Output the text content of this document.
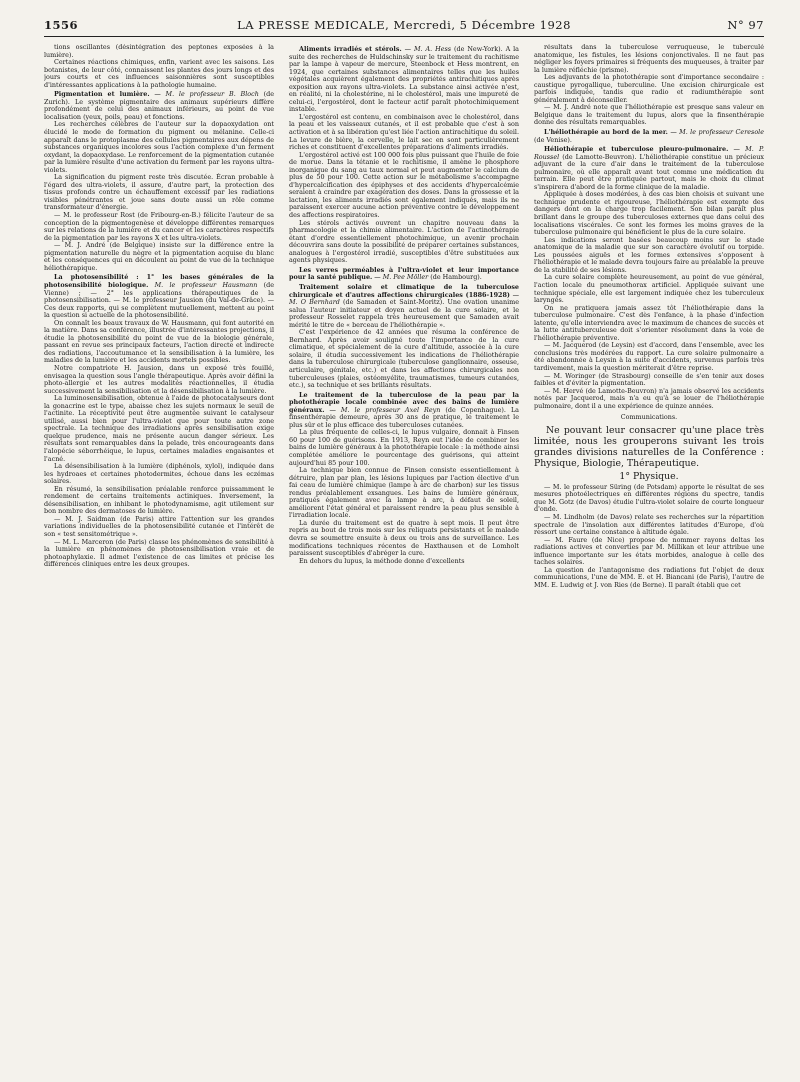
1556	LA PRESSE MEDICALE, Mercredi, 5 Décembre 1928	N° 97

tions oscillantes (désintégration des peptones exposées à la lumière).

Certaines réactions chimiques, enfin, varient avec les saisons. Les botanistes, de leur côté, connaissent les plantes des jours longs et des jours courts et ces influences saisonnières sont susceptibles d'intéressantes applications à la pathologie humaine.

Pigmentation et lumière. — M. le professeur B. Bloch (de Zurich). Le système pigmentaire des animaux supérieurs diffère profondément de celui des animaux inférieurs, au point de vue localisation (yeux, poils, peau) et fonctions.

Les recherches célèbres de l'auteur sur la dopaoxydation ont élucidé le mode de formation du pigment ou mélanine. Celle-ci apparaît dans le protoplasme des cellules pigmentaires aux dépens de substances organiques incolores sous l'action complexe d'un ferment oxydant, la dopaoxydase. Le renforcement de la pigmentation cutanée par la lumière résulte d'une activation du ferment par les rayons ultra-violets.

La signification du pigment reste très discutée. Écran probable à l'égard des ultra-violets, il assure, d'autre part, la protection des tissus profonds contre un échauffement excessif par les radiations visibles pénétrantes et joue sans doute aussi un rôle comme transformateur d'énergie.

— M. le professeur Rost (de Fribourg-en-B.) félicite l'auteur de sa conception de la pigmentogenèse et développe différentes remarques sur les relations de la lumière et du cancer et les caractères respectifs de la pigmentation par les rayons X et les ultra-violets.

— M. J. André (de Belgique) insiste sur la différence entre la pigmentation naturelle du nègre et la pigmentation acquise du blanc et les conséquences qui en découlent au point de vue de la technique héliothérapique.

La photosensibilité : 1° les bases générales de la photosensibilité biologique. M. le professeur Hausmann (de Vienne) ; — 2° les applications thérapeutiques de la photosensibilisation. — M. le professeur Jausion (du Val-de-Grâce). — Ces deux rapports, qui se complètent mutuellement, mettent au point la question si actuelle de la photosensibilité.

On connaît les beaux travaux de W. Hausmann, qui font autorité en la matière. Dans sa conférence, illustrée d'intéressantes projections, il étudie la photosensibilité du point de vue de la biologie générale, passant en revue ses principaux facteurs, l'action directe et indirecte des radiations, l'accoutumance et la sensibilisation à la lumière, les maladies de la lumière et les accidents mortels possibles.

Notre compatriote H. Jausion, dans un exposé très fouillé, envisagea la question sous l'angle thérapeutique. Après avoir défini la photo-allergie et les autres modalités réactionnelles, il étudia successivement la sensibilisation et la désensibilisation à la lumière.

La luminosensibilisation, obtenue à l'aide de photocatalyseurs dont la gonacrine est le type, abaisse chez les sujets normaux le seuil de l'actinite. La réceptivité peut être augmentée suivant le catalyseur utilisé, aussi bien pour l'ultra-violet que pour toute autre zone spectrale. La technique des irradiations après sensibilisation exige quelque prudence, mais ne présente aucun danger sérieux. Les résultats sont remarquables dans la pelade, très encourageants dans l'alopécie séborrhéique, le lupus, certaines maladies engaisantes et l'acné.

La désensibilisation à la lumière (diphénols, xylol), indiquée dans les hydroaes et certaines photodermites, échoue dans les eczémas solaires.

En résumé, la sensibilisation préalable renforce puissamment le rendement de certains traitements actiniques. Inversement, la désensibilisation, en inhibant le photodynamisme, agit utilement sur bon nombre des dermatoses de lumière.

— M. J. Saidman (de Paris) attire l'attention sur les grandes variations individuelles de la photosensibilité cutanée et l'intérêt de son « test sensitométrique ».

— M. L. Marceron (de Paris) classe les phénomènes de sensibilité à la lumière en phénomènes de photosensibilisation vraie et de photoaphylaxie. Il admet l'existence de cas limites et précise les différences cliniques entre les deux groupes.

Aliments irradiés et stérols. — M. A. Hess (de New-York). A la suite des recherches de Huldschinsky sur le traitement du rachitisme par la lampe à vapeur de mercure, Steenbock et Hess montrent, en 1924, que certaines substances alimentaires telles que les huiles végétales acquièrent également des propriétés antirachitiques après exposition aux rayons ultra-violets. La substance ainsi activée n'est, en réalité, ni la cholestérine, ni le cholestérol, mais une impureté de celui-ci, l'ergostérol, dont le facteur actif paraît photochimiquement instable.

L'ergostérol est contenu, en combinaison avec le cholestérol, dans la peau et les vaisseaux cutanés, et il est probable que c'est à son activation et à sa libération qu'est liée l'action antirachitique du soleil. La levure de bière, la cervelle, le lait sec en sont particulièrement riches et constituent d'excellentes préparations d'aliments irradiés.

L'ergostérol activé est 100 000 fois plus puissant que l'huile de foie de morue. Dans la tétanie et le rachitisme, il amène le phosphore inorganique du sang au taux normal et peut augmenter le calcium de plus de 50 pour 100. Cette action sur le métabolisme s'accompagne d'hypercalcification des épiphyses et des accidents d'hypercalcémie seraient à craindre par exagération des doses. Dans la grossesse et la lactation, les aliments irradiés sont également indiqués, mais ils ne paraissent exercer aucune action préventive contre le développement des affections respiratoires.

Les stérols activés ouvrent un chapitre nouveau dans la pharmacologie et la chimie alimentaire. L'action de l'actinothérapie étant d'ordre essentiellement photochimique, un avenir prochain découvrira sans doute la possibilité de préparer certaines substances, analogues à l'ergostérol irradié, susceptibles d'être substituées aux agents physiques.

Les verres perméables à l'ultra-violet et leur importance pour la santé publique. — M. Pee Möller (de Hambourg).

Traitement solaire et climatique de la tuberculose chirurgicale et d'autres affections chirurgicales (1886-1928) — M. O Bernhard (de Samaden et Saint-Moritz). Une ovation unanime salua l'auteur initiateur et doyen actuel de la cure solaire, et le professeur Rosselet rappela très heureusement que Samaden avait mérité le titre de « berceau de l'héliothérapie ».

C'est l'expérience de 42 années que résuma la conférence de Bernhard. Après avoir souligné toute l'importance de la cure climatique, et spécialement de la cure d'altitude, associée à la cure solaire, il étudia successivement les indications de l'héliothérapie dans la tuberculose chirurgicale (tuberculose ganglionnaire, osseuse, articulaire, génitale, etc.) et dans les affections chirurgicales non tuberculeuses (plaies, ostéomyélite, traumatismes, tumeurs cutanées, etc.), sa technique et ses brillants résultats.

Le traitement de la tuberculose de la peau par la photothérapie locale combinée avec des bains de lumière généraux. — M. le professeur Axel Reyn (de Copenhague). La finsenthérapie demeure, après 30 ans de pratique, le traitement le plus sûr et le plus efficace des tuberculoses cutanées.

La plus fréquente de celles-ci, le lupus vulgaire, donnait à Finsen 60 pour 100 de guérisons. En 1913, Reyn eut l'idée de combiner les bains de lumière généraux à la photothérapie locale : la méthode ainsi complétée améliore le pourcentage des guérisons, qui atteint aujourd'hui 85 pour 100.

La technique bien connue de Finsen consiste essentiellement à détruire, plan par plan, les lésions lupiques par l'action élective d'un fai ceau de lumière chimique (lampe à arc de charbon) sur les tissus rendus préalablement exsangues. Les bains de lumière généraux, pratiqués également avec la lampe à arc, à défaut de soleil, améliorent l'état général et paraissent rendre la peau plus sensible à l'irradiation locale.

La durée du traitement est de quatre à sept mois. Il peut être repris au bout de trois mois sur les reliquats persistants et le malade devra se soumettre ensuite à deux ou trois ans de surveillance. Les modifications techniques récentes de Haxthausen et de Lomholt paraissent susceptibles d'abréger la cure.

En dehors du lupus, la méthode donne d'excellents

résultats dans la tuberculose verruqueuse, le tuberculé anatomique, les fistules, les lésions conjonctivales. Il ne faut pas négliger les foyers primaires si fréquents des muqueuses, à traiter par la lumière réfléchie (prisme).

Les adjuvants de la photothérapie sont d'importance secondaire : caustique pyrogallique, tuberculine. Une excision chirurgicale est parfois indiquée, tandis que radio et radiumthérapie sont généralement à déconseiller.

— M. J. André note que l'héliothérapie est presque sans valeur en Belgique dans le traitement du lupus, alors que la finsenthérapie donne des résultats remarquables.

L'héliothérapie au bord de la mer. — M. le professeur Ceresole (de Venise).

Héliothérapie et tuberculose pleuro-pulmonaire. — M. P. Roussel (de Lamotte-Beuvron). L'héliothérapie constitue un précieux adjuvant de la cure d'air dans le traitement de la tuberculose pulmonaire, où elle apparaît avant tout comme une médication du terrain. Elle peut être pratiquée partout, mais le choix du climat s'inspirera d'abord de la forme clinique de la maladie.

Appliquée à doses modérées, à des cas bien choisis et suivant une technique prudente et rigoureuse, l'héliothérapie est exempte des dangers dont on la charge trop facilement. Son bilan paraît plus brillant dans le groupe des tuberculoses externes que dans celui des localisations viscérales. Ce sont les formes les moins graves de la tuberculose pulmonaire qui bénéficient le plus de la cure solaire.

Les indications seront basées beaucoup moins sur le stade anatomique de la maladie que sur son caractère évolutif ou torpide. Les poussées aiguës et les formes extensives s'opposent à l'héliothérapie et le malade devra toujours faire au préalable la preuve de la stabilité de ses lésions.

La cure solaire complète heureusement, au point de vue général, l'action locale du pneumothorax artificiel. Appliquée suivant une technique spéciale, elle est largement indiquée chez les tuberculeux laryngés.

On ne pratiquera jamais assez tôt l'héliothérapie dans la tuberculose pulmonaire. C'est dès l'enfance, à la phase d'infection latente, qu'elle interviendra avec le maximum de chances de succès et la lutte antituberculeuse doit s'orienter résolument dans la voie de l'héliothérapie préventive.

— M. Jacquerod (de Leysin) est d'accord, dans l'ensemble, avec les conclusions très modérées du rapport. La cure solaire pulmonaire a été abandonnée à Leysin à la suite d'accidents, survenus parfois très tardivement, mais la question mériterait d'être reprise.

— M. Woringer (de Strasbourg) conseille de s'en tenir aux doses faibles et d'éviter la pigmentation.

— M. Hervé (de Lamotte-Beuvron) n'a jamais observé les accidents notés par Jacquerod, mais n'a eu qu'à se louer de l'héliothérapie pulmonaire, dont il a une expérience de quinze années.

Communications.

Ne pouvant leur consacrer qu'une place très limitée, nous les grouperons suivant les trois grandes divisions naturelles de la Conférence : Physique, Biologie, Thérapeutique.

1° Physique.

— M. le professeur Süring (de Potsdam) apporte le résultat de ses mesures photoélectriques en différentes régions du spectre, tandis que M. Gotz (de Davos) étudie l'ultra-violet solaire de courte longueur d'onde.

— M. Lindholm (de Davos) relate ses recherches sur la répartition spectrale de l'insolation aux différentes latitudes d'Europe, d'où ressort une certaine constance à altitude égale.

— M. Faure (de Nice) propose de nommer rayons deltas les radiations actives et converties par M. Millikan et leur attribue une influence importante sur les états morbides, analogue à celle des taches solaires.

La question de l'antagonisme des radiations fut l'objet de deux communications, l'une de MM. E. et H. Biancani (de Paris), l'autre de MM. E. Ludwig et J. von Ries (de Berne). Il paraît établi que cet
